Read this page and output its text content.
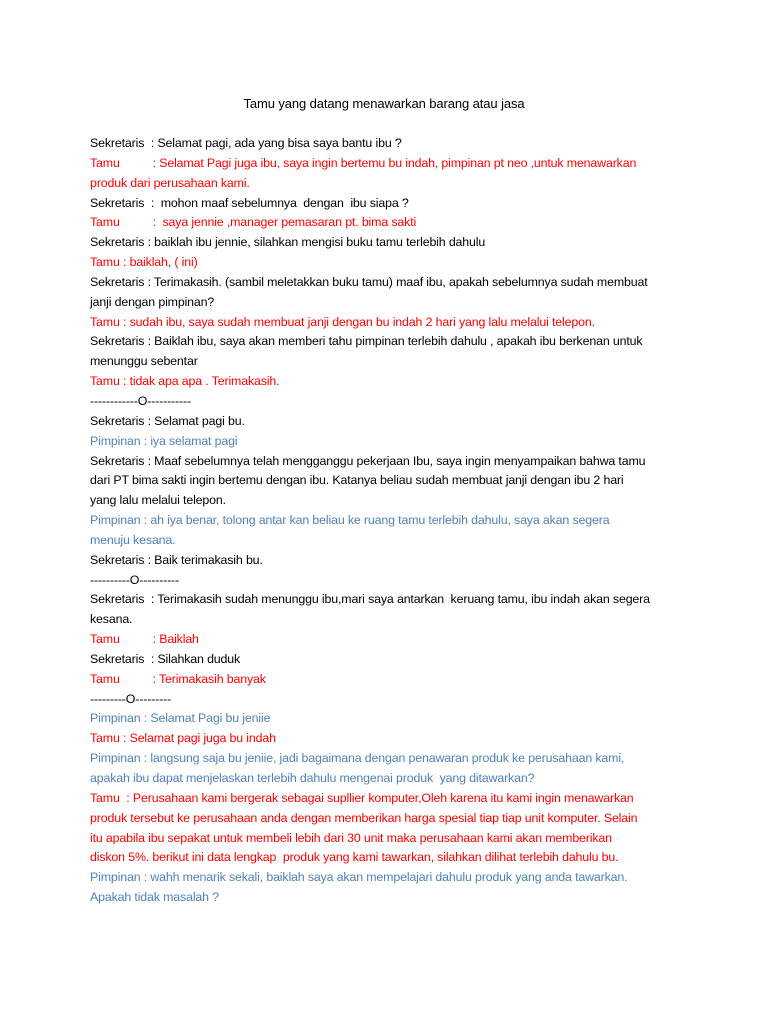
Tamu yang datang menawarkan barang atau jasa
Sekretaris  : Selamat pagi, ada yang bisa saya bantu ibu ?
Tamu          : Selamat Pagi juga ibu, saya ingin bertemu bu indah, pimpinan pt neo ,untuk menawarkan
produk dari perusahaan kami.
Sekretaris  :  mohon maaf sebelumnya  dengan  ibu siapa ?
Tamu          :  saya jennie ,manager pemasaran pt. bima sakti
Sekretaris : baiklah ibu jennie, silahkan mengisi buku tamu terlebih dahulu
Tamu : baiklah, ( ini)
Sekretaris : Terimakasih. (sambil meletakkan buku tamu) maaf ibu, apakah sebelumnya sudah membuat
janji dengan pimpinan?
Tamu : sudah ibu, saya sudah membuat janji dengan bu indah 2 hari yang lalu melalui telepon.
Sekretaris : Baiklah ibu, saya akan memberi tahu pimpinan terlebih dahulu , apakah ibu berkenan untuk
menunggu sebentar
Tamu : tidak apa apa . Terimakasih.
------------O-----------
Sekretaris : Selamat pagi bu.
Pimpinan : iya selamat pagi
Sekretaris : Maaf sebelumnya telah mengganggu pekerjaan Ibu, saya ingin menyampaikan bahwa tamu
dari PT bima sakti ingin bertemu dengan ibu. Katanya beliau sudah membuat janji dengan ibu 2 hari
yang lalu melalui telepon.
Pimpinan : ah iya benar, tolong antar kan beliau ke ruang tamu terlebih dahulu, saya akan segera
menuju kesana.
Sekretaris : Baik terimakasih bu.
----------O----------
Sekretaris  : Terimakasih sudah menunggu ibu,mari saya antarkan  keruang tamu, ibu indah akan segera
kesana.
Tamu          : Baiklah
Sekretaris  : Silahkan duduk
Tamu          : Terimakasih banyak
---------O---------
Pimpinan : Selamat Pagi bu jeniie
Tamu : Selamat pagi juga bu indah
Pimpinan : langsung saja bu jeniie, jadi bagaimana dengan penawaran produk ke perusahaan kami,
apakah ibu dapat menjelaskan terlebih dahulu mengenai produk  yang ditawarkan?
Tamu  : Perusahaan kami bergerak sebagai supllier komputer,Oleh karena itu kami ingin menawarkan
produk tersebut ke perusahaan anda dengan memberikan harga spesial tiap tiap unit komputer. Selain
itu apabila ibu sepakat untuk membeli lebih dari 30 unit maka perusahaan kami akan memberikan
diskon 5%. berikut ini data lengkap  produk yang kami tawarkan, silahkan dilihat terlebih dahulu bu.
Pimpinan : wahh menarik sekali, baiklah saya akan mempelajari dahulu produk yang anda tawarkan.
Apakah tidak masalah ?
